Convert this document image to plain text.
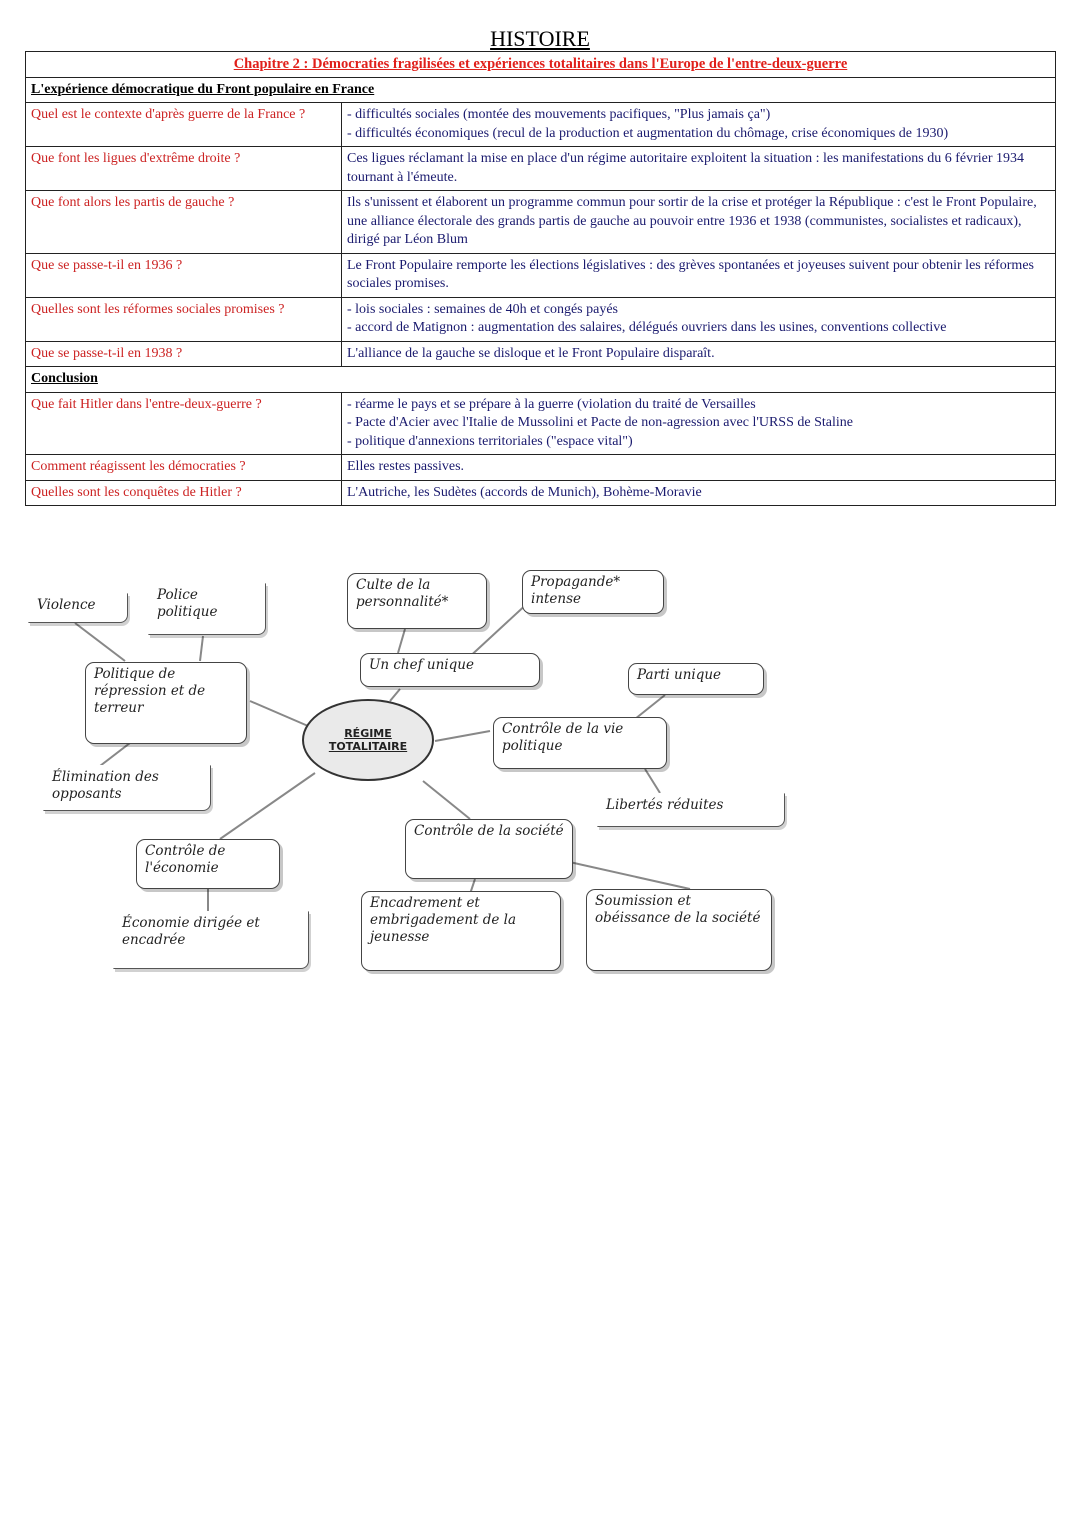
HISTOIRE
Chapitre 2 : Démocraties fragilisées et expériences totalitaires dans l'Europe de l'entre-deux-guerre	
L'expérience démocratique du Front populaire en France	
Quel est le contexte d'après guerre de la France ?	- difficultés sociales (montée des mouvements pacifiques, "Plus jamais ça")
- difficultés économiques (recul de la production et augmentation du chômage, crise économiques de 1930)

Que font les ligues d'extrême droite ?	Ces ligues réclamant la mise en place d'un régime autoritaire exploitent la situation : les manifestations du 6 février 1934 tournant à l'émeute.

Que font alors les partis de gauche ?	Ils s'unissent et élaborent un programme commun pour sortir de la crise et protéger la République : c'est le Front Populaire, une alliance électorale des grands partis de gauche au pouvoir entre 1936 et 1938 (communistes, socialistes et radicaux), dirigé par Léon Blum

Que se passe-t-il en 1936 ?	Le Front Populaire remporte les élections législatives : des grèves spontanées et joyeuses suivent pour obtenir les réformes sociales promises.

Quelles sont les réformes sociales promises ?	- lois sociales : semaines de 40h et congés payés
- accord de Matignon : augmentation des salaires, délégués ouvriers dans les usines, conventions collective

Que se passe-t-il en 1938 ?	L'alliance de la gauche se disloque et le Front Populaire disparaît.

Conclusion	
Que fait Hitler dans l'entre-deux-guerre ?	- réarme le pays et se prépare à la guerre (violation du traité de Versailles
- Pacte d'Acier avec l'Italie de Mussolini et Pacte de non-agression avec l'URSS de Staline
- politique d'annexions territoriales ("espace vital")

Comment réagissent les démocraties ?	Elles restes passives.

Quelles sont les conquêtes de Hitler ?	L'Autriche, les Sudètes (accords de Munich), Bohème-Moravie
RÉGIME
TOTALITAIRE
Violence
Police politique
Politique de répression et de terreur
Élimination des opposants
Contrôle de l'économie
Économie dirigée et encadrée
Culte de la personnalité*
Propagande* intense
Un chef unique
Parti unique
Contrôle de la vie politique
Libertés réduites
Contrôle de la société
Encadrement et embrigadement de la jeunesse
Soumission et obéissance de la société
